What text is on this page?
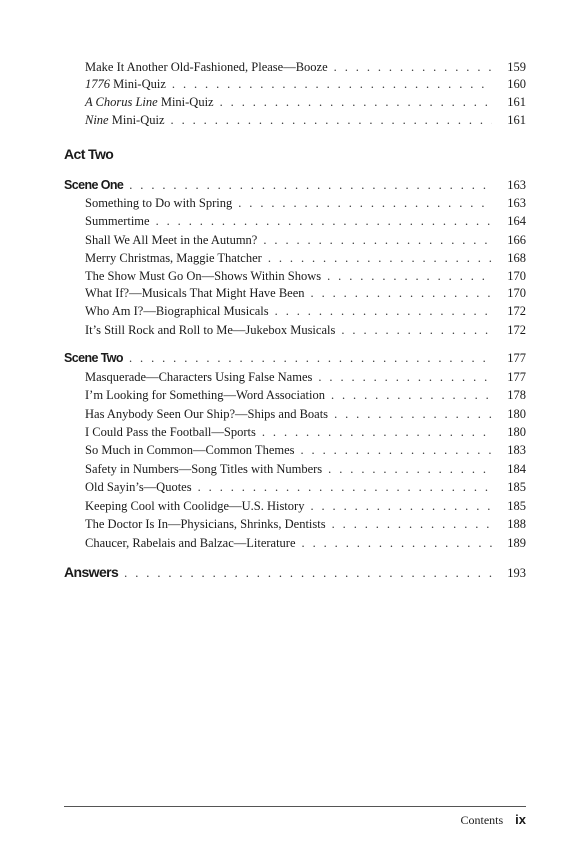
Make It Another Old-Fashioned, Please—Booze . . .	159
1776 Mini-Quiz . . .	160
A Chorus Line Mini-Quiz . . .	161
Nine Mini-Quiz . . .	161
Act Two
Scene One . . .	163
Something to Do with Spring . . .	163
Summertime . . .	164
Shall We All Meet in the Autumn? . . .	166
Merry Christmas, Maggie Thatcher . . .	168
The Show Must Go On—Shows Within Shows . . .	170
What If?—Musicals That Might Have Been . . .	170
Who Am I?—Biographical Musicals . . .	172
It’s Still Rock and Roll to Me—Jukebox Musicals . . .	172
Scene Two . . .	177
Masquerade—Characters Using False Names . . .	177
I’m Looking for Something—Word Association . . .	178
Has Anybody Seen Our Ship?—Ships and Boats . . .	180
I Could Pass the Football—Sports . . .	180
So Much in Common—Common Themes . . .	183
Safety in Numbers—Song Titles with Numbers . . .	184
Old Sayin’s—Quotes . . .	185
Keeping Cool with Coolidge—U.S. History . . .	185
The Doctor Is In—Physicians, Shrinks, Dentists . . .	188
Chaucer, Rabelais and Balzac—Literature . . .	189
Answers . . .	193
Contents ix
